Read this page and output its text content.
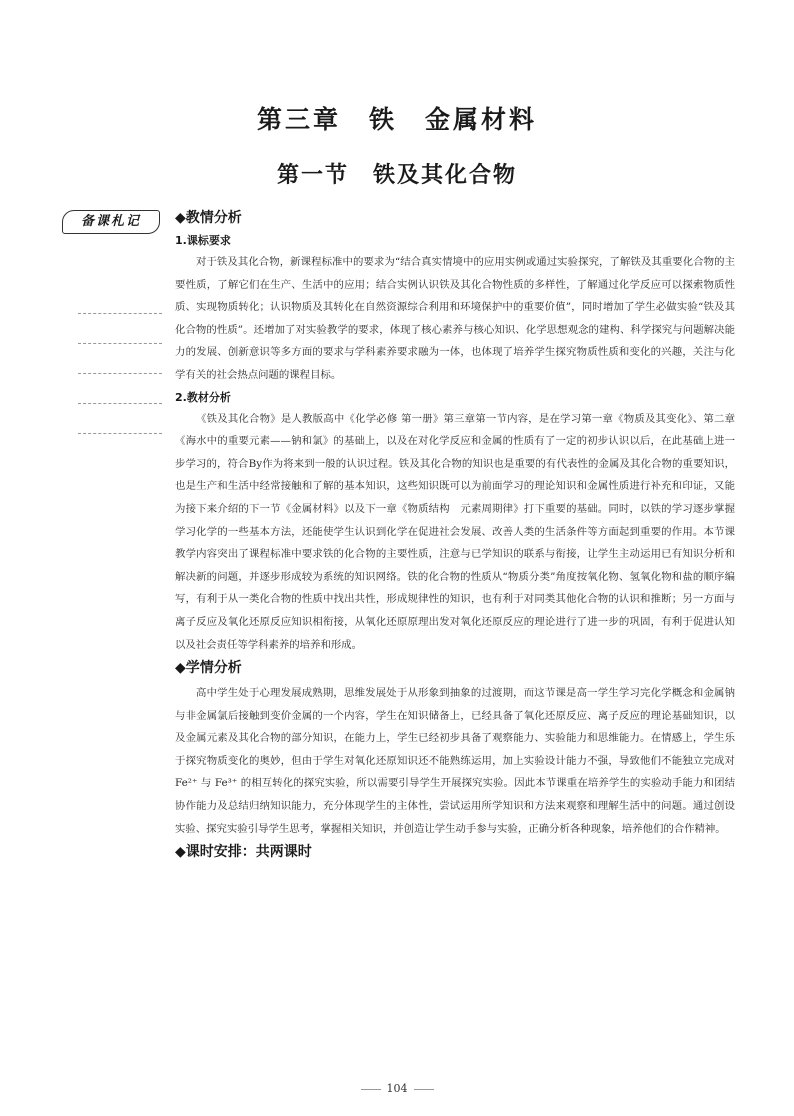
第三章　铁　金属材料
第一节　铁及其化合物
备课札记	◆教情分析
1.课标要求

对于铁及其化合物，新课程标准中的要求为“结合真实情境中的应用实例或通过实验探究，了解铁及其重要化合物的主要性质，了解它们在生产、生活中的应用；结合实例认识铁及其化合物性质的多样性，了解通过化学反应可以探索物质性质、实现物质转化；认识物质及其转化在自然资源综合利用和环境保护中的重要价值”，同时增加了学生必做实验“铁及其化合物的性质”。还增加了对实验教学的要求，体现了核心素养与核心知识、化学思想观念的建构、科学探究与问题解决能力的发展、创新意识等多方面的要求与学科素养要求融为一体，也体现了培养学生探究物质性质和变化的兴趣，关注与化学有关的社会热点问题的课程目标。

2.教材分析

《铁及其化合物》是人教版高中《化学必修 第一册》第三章第一节内容，是在学习第一章《物质及其变化》、第二章《海水中的重要元素——钠和氯》的基础上，以及在对化学反应和金属的性质有了一定的初步认识以后，在此基础上进一步学习的，符合By作为将来到一般的认识过程。铁及其化合物的知识也是重要的有代表性的金属及其化合物的重要知识，也是生产和生活中经常接触和了解的基本知识，这些知识既可以为前面学习的理论知识和金属性质进行补充和印证，又能为接下来介绍的下一节《金属材料》以及下一章《物质结构　元素周期律》打下重要的基础。同时，以铁的学习逐步掌握学习化学的一些基本方法，还能使学生认识到化学在促进社会发展、改善人类的生活条件等方面起到重要的作用。本节课教学内容突出了课程标准中要求铁的化合物的主要性质，注意与已学知识的联系与衔接，让学生主动运用已有知识分析和解决新的问题，并逐步形成较为系统的知识网络。铁的化合物的性质从“物质分类”角度按氧化物、氢氧化物和盐的顺序编写，有利于从一类化合物的性质中找出共性，形成规律性的知识，也有利于对同类其他化合物的认识和推断；另一方面与离子反应及氧化还原反应知识相衔接，从氧化还原原理出发对氧化还原反应的理论进行了进一步的巩固，有利于促进认知以及社会责任等学科素养的培养和形成。

◆学情分析

高中学生处于心理发展成熟期，思维发展处于从形象到抽象的过渡期，而这节课是高一学生学习完化学概念和金属钠与非金属氯后接触到变价金属的一个内容，学生在知识储备上，已经具备了氧化还原反应、离子反应的理论基础知识，以及金属元素及其化合物的部分知识，在能力上，学生已经初步具备了观察能力、实验能力和思维能力。在情感上，学生乐于探究物质变化的奥妙，但由于学生对氧化还原知识还不能熟练运用，加上实验设计能力不强，导致他们不能独立完成对 Fe²⁺ 与 Fe³⁺ 的相互转化的探究实验，所以需要引导学生开展探究实验。因此本节课重在培养学生的实验动手能力和团结协作能力及总结归纳知识能力，充分体现学生的主体性，尝试运用所学知识和方法来观察和理解生活中的问题。通过创设实验、探究实验引导学生思考，掌握相关知识，并创造让学生动手参与实验，正确分析各种现象，培养他们的合作精神。

◆课时安排：共两课时
104
